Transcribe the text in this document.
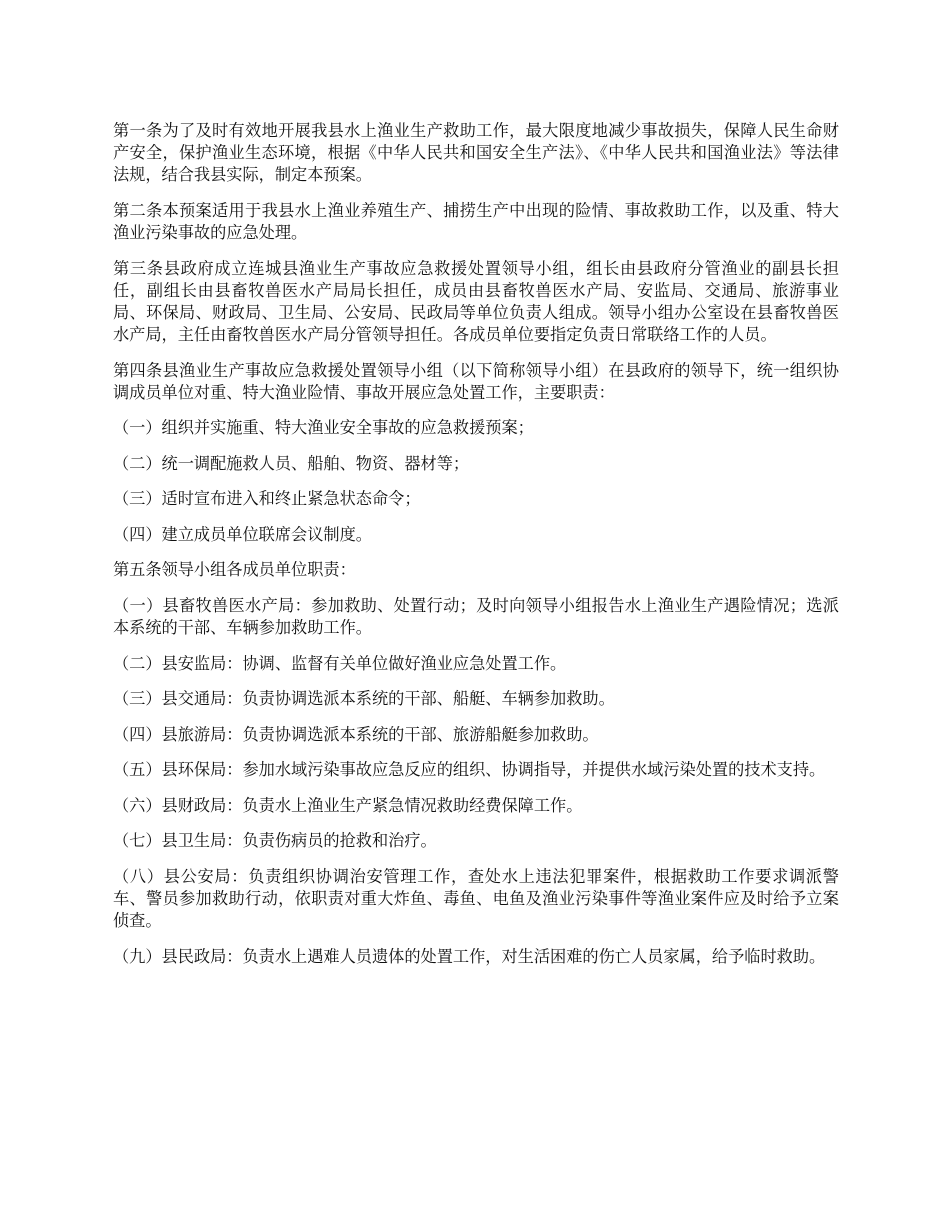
第一条为了及时有效地开展我县水上渔业生产救助工作，最大限度地减少事故损失，保障人民生命财产安全，保护渔业生态环境，根据《中华人民共和国安全生产法》、《中华人民共和国渔业法》等法律法规，结合我县实际，制定本预案。

第二条本预案适用于我县水上渔业养殖生产、捕捞生产中出现的险情、事故救助工作，以及重、特大渔业污染事故的应急处理。

第三条县政府成立连城县渔业生产事故应急救援处置领导小组，组长由县政府分管渔业的副县长担任，副组长由县畜牧兽医水产局局长担任，成员由县畜牧兽医水产局、安监局、交通局、旅游事业局、环保局、财政局、卫生局、公安局、民政局等单位负责人组成。领导小组办公室设在县畜牧兽医水产局，主任由畜牧兽医水产局分管领导担任。各成员单位要指定负责日常联络工作的人员。

第四条县渔业生产事故应急救援处置领导小组（以下简称领导小组）在县政府的领导下，统一组织协调成员单位对重、特大渔业险情、事故开展应急处置工作，主要职责：

（一）组织并实施重、特大渔业安全事故的应急救援预案；

（二）统一调配施救人员、船舶、物资、器材等；

（三）适时宣布进入和终止紧急状态命令；

（四）建立成员单位联席会议制度。

第五条领导小组各成员单位职责：

（一）县畜牧兽医水产局：参加救助、处置行动；及时向领导小组报告水上渔业生产遇险情况；选派本系统的干部、车辆参加救助工作。

（二）县安监局：协调、监督有关单位做好渔业应急处置工作。

（三）县交通局：负责协调选派本系统的干部、船艇、车辆参加救助。

（四）县旅游局：负责协调选派本系统的干部、旅游船艇参加救助。

（五）县环保局：参加水域污染事故应急反应的组织、协调指导，并提供水域污染处置的技术支持。

（六）县财政局：负责水上渔业生产紧急情况救助经费保障工作。

（七）县卫生局：负责伤病员的抢救和治疗。

（八）县公安局：负责组织协调治安管理工作，查处水上违法犯罪案件，根据救助工作要求调派警车、警员参加救助行动，依职责对重大炸鱼、毒鱼、电鱼及渔业污染事件等渔业案件应及时给予立案侦查。

（九）县民政局：负责水上遇难人员遗体的处置工作，对生活困难的伤亡人员家属，给予临时救助。
